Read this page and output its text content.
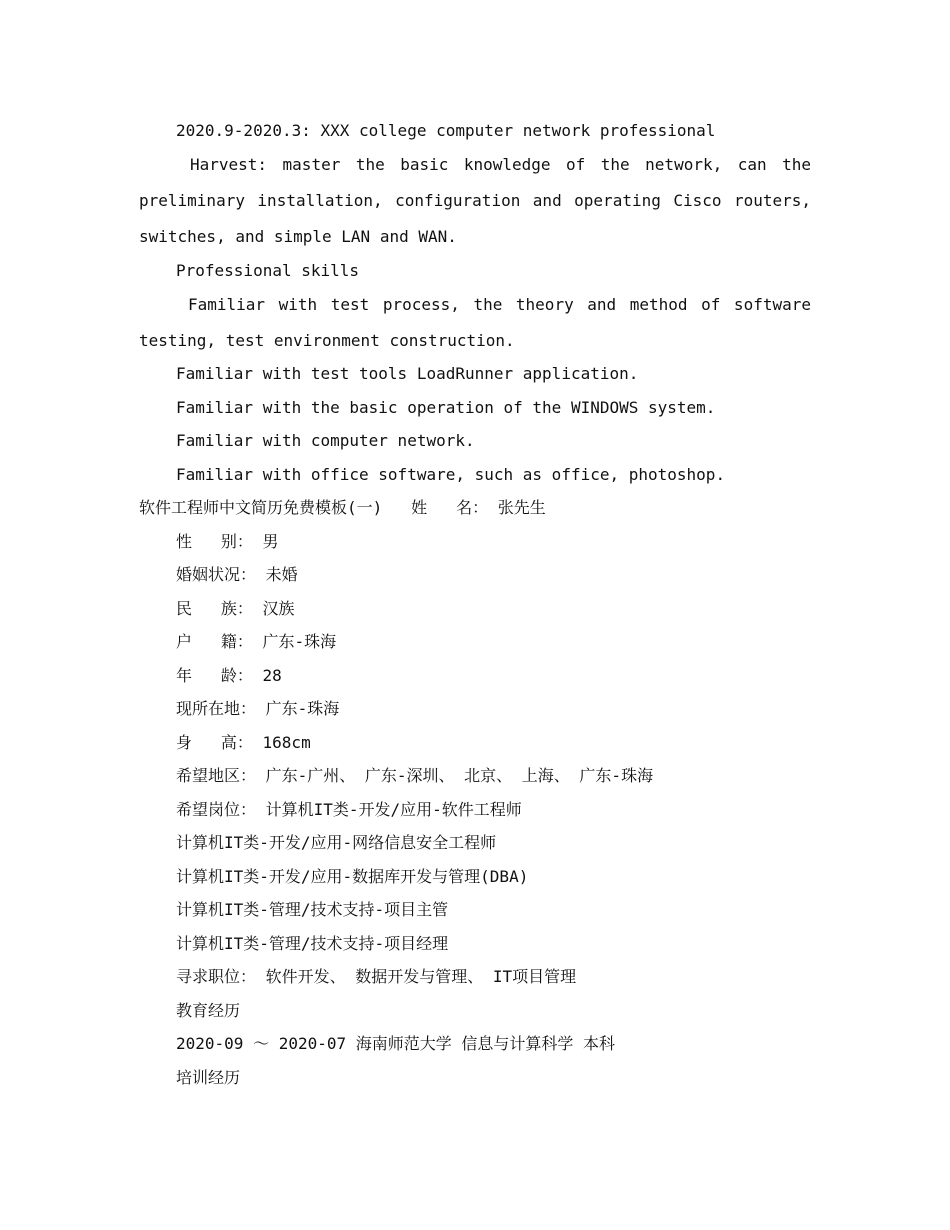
2020.9-2020.3: XXX college computer network professional
Harvest: master the basic knowledge of the network, can the
preliminary installation, configuration and operating Cisco routers,
switches, and simple LAN and WAN.
Professional skills
Familiar with test process, the theory and method of software
testing, test environment construction.
Familiar with test tools LoadRunner application.
Familiar with the basic operation of the WINDOWS system.
Familiar with computer network.
Familiar with office software, such as office, photoshop.
软件工程师中文简历免费模板(一)   姓   名： 张先生
性   别： 男
婚姻状况： 未婚
民   族： 汉族
户   籍： 广东-珠海
年   龄： 28
现所在地： 广东-珠海
身   高： 168cm
希望地区： 广东-广州、 广东-深圳、 北京、 上海、 广东-珠海
希望岗位： 计算机IT类-开发/应用-软件工程师
计算机IT类-开发/应用-网络信息安全工程师
计算机IT类-开发/应用-数据库开发与管理(DBA)
计算机IT类-管理/技术支持-项目主管
计算机IT类-管理/技术支持-项目经理
寻求职位： 软件开发、 数据开发与管理、 IT项目管理
教育经历
2020-09 ～ 2020-07 海南师范大学 信息与计算科学 本科
培训经历
